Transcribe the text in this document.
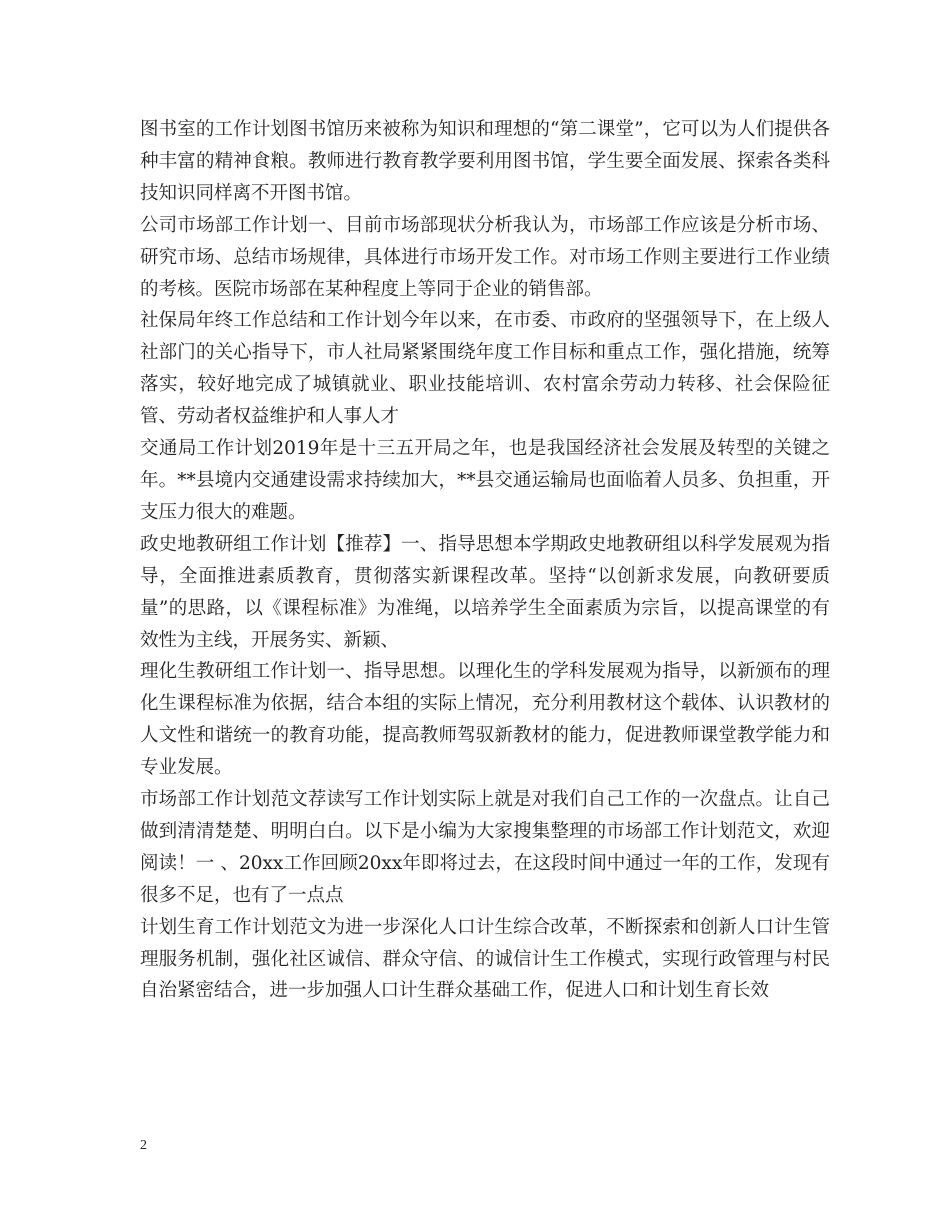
图书室的工作计划图书馆历来被称为知识和理想的“第二课堂”，它可以为人们提供各种丰富的精神食粮。教师进行教育教学要利用图书馆，学生要全面发展、探索各类科技知识同样离不开图书馆。

公司市场部工作计划一、目前市场部现状分析我认为，市场部工作应该是分析市场、研究市场、总结市场规律，具体进行市场开发工作。对市场工作则主要进行工作业绩的考核。医院市场部在某种程度上等同于企业的销售部。

社保局年终工作总结和工作计划今年以来，在市委、市政府的坚强领导下，在上级人社部门的关心指导下，市人社局紧紧围绕年度工作目标和重点工作，强化措施，统筹落实，较好地完成了城镇就业、职业技能培训、农村富余劳动力转移、社会保险征管、劳动者权益维护和人事人才

交通局工作计划2019年是十三五开局之年，也是我国经济社会发展及转型的关键之年。**县境内交通建设需求持续加大，**县交通运输局也面临着人员多、负担重，开支压力很大的难题。

政史地教研组工作计划【推荐】一、指导思想本学期政史地教研组以科学发展观为指导，全面推进素质教育，贯彻落实新课程改革。坚持“以创新求发展，向教研要质量”的思路，以《课程标准》为准绳，以培养学生全面素质为宗旨，以提高课堂的有效性为主线，开展务实、新颖、

理化生教研组工作计划一、指导思想。以理化生的学科发展观为指导，以新颁布的理化生课程标准为依据，结合本组的实际上情况，充分利用教材这个载体、认识教材的人文性和谐统一的教育功能，提高教师驾驭新教材的能力，促进教师课堂教学能力和专业发展。

市场部工作计划范文荐读写工作计划实际上就是对我们自己工作的一次盘点。让自己做到清清楚楚、明明白白。以下是小编为大家搜集整理的市场部工作计划范文，欢迎阅读！一 、20xx工作回顾20xx年即将过去，在这段时间中通过一年的工作，发现有很多不足，也有了一点点

计划生育工作计划范文为进一步深化人口计生综合改革，不断探索和创新人口计生管理服务机制，强化社区诚信、群众守信、的诚信计生工作模式，实现行政管理与村民自治紧密结合，进一步加强人口计生群众基础工作，促进人口和计划生育长效

2
